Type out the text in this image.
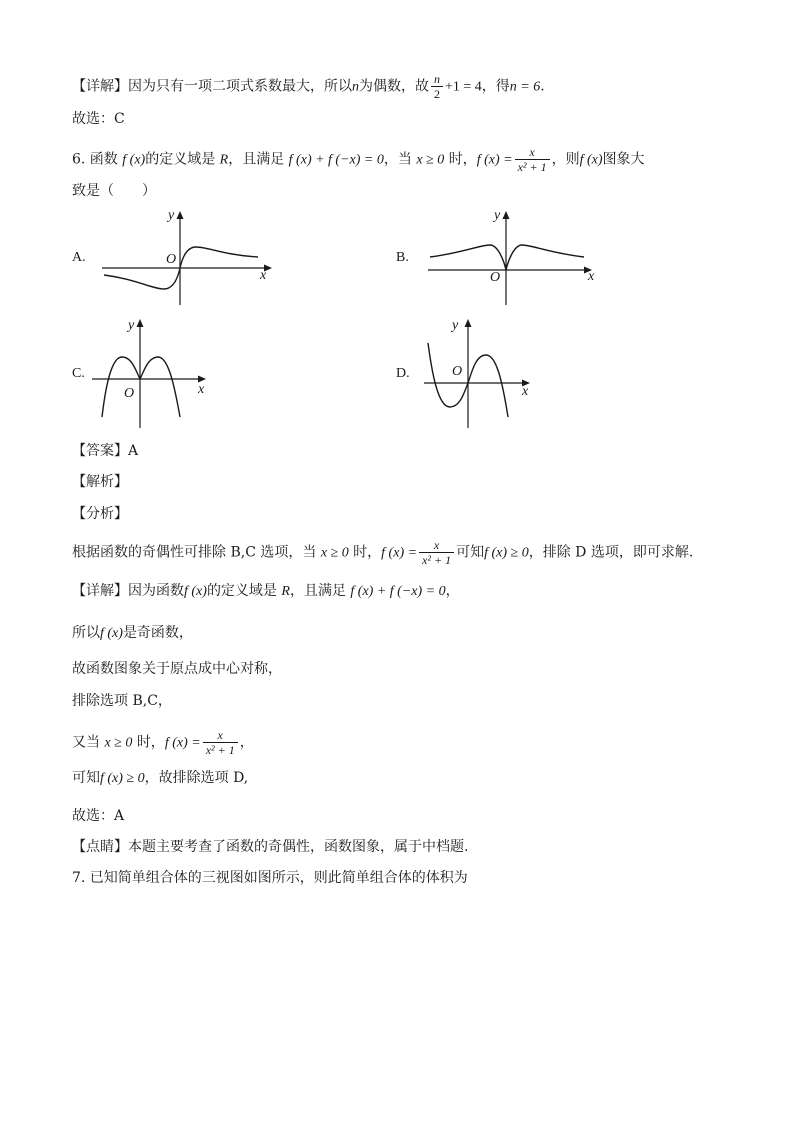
【详解】因为只有一项二项式系数最大，所以n为偶数，故 $\frac{n}{2} +1 = 4$，得n = 6.
故选：C
6. 函数 f (x)的定义域是 R，且满足 f (x) + f (−x) = 0，当 x ≥ 0 时，f $(x) = \frac{x}{\text{x² + 1}}$ ，则f (x)图象大
致是（　　）
A.
y
x
O	B.
y
x
O
C.
y
x
O
D.
y
x
O
【答案】A
【解析】
【分析】
根据函数的奇偶性可排除 B,C 选项，当 x ≥ 0 时，f $(x) = \frac{x}{\text{x² + 1}}$ 可知f (x) ≥ 0，排除 D 选项，即可求解.
【详解】因为函数f (x)的定义域是 R，且满足 f (x) + f (−x) = 0，
所以f (x)是奇函数，
故函数图象关于原点成中心对称，
排除选项 B,C，
又当 x ≥ 0 时，f $(x) = \frac{x}{\text{x² + 1}}$ ，
可知f (x) ≥ 0，故排除选项 D,
故选：A
【点睛】本题主要考查了函数的奇偶性，函数图象，属于中档题.
7. 已知简单组合体的三视图如图所示，则此简单组合体的体积为
